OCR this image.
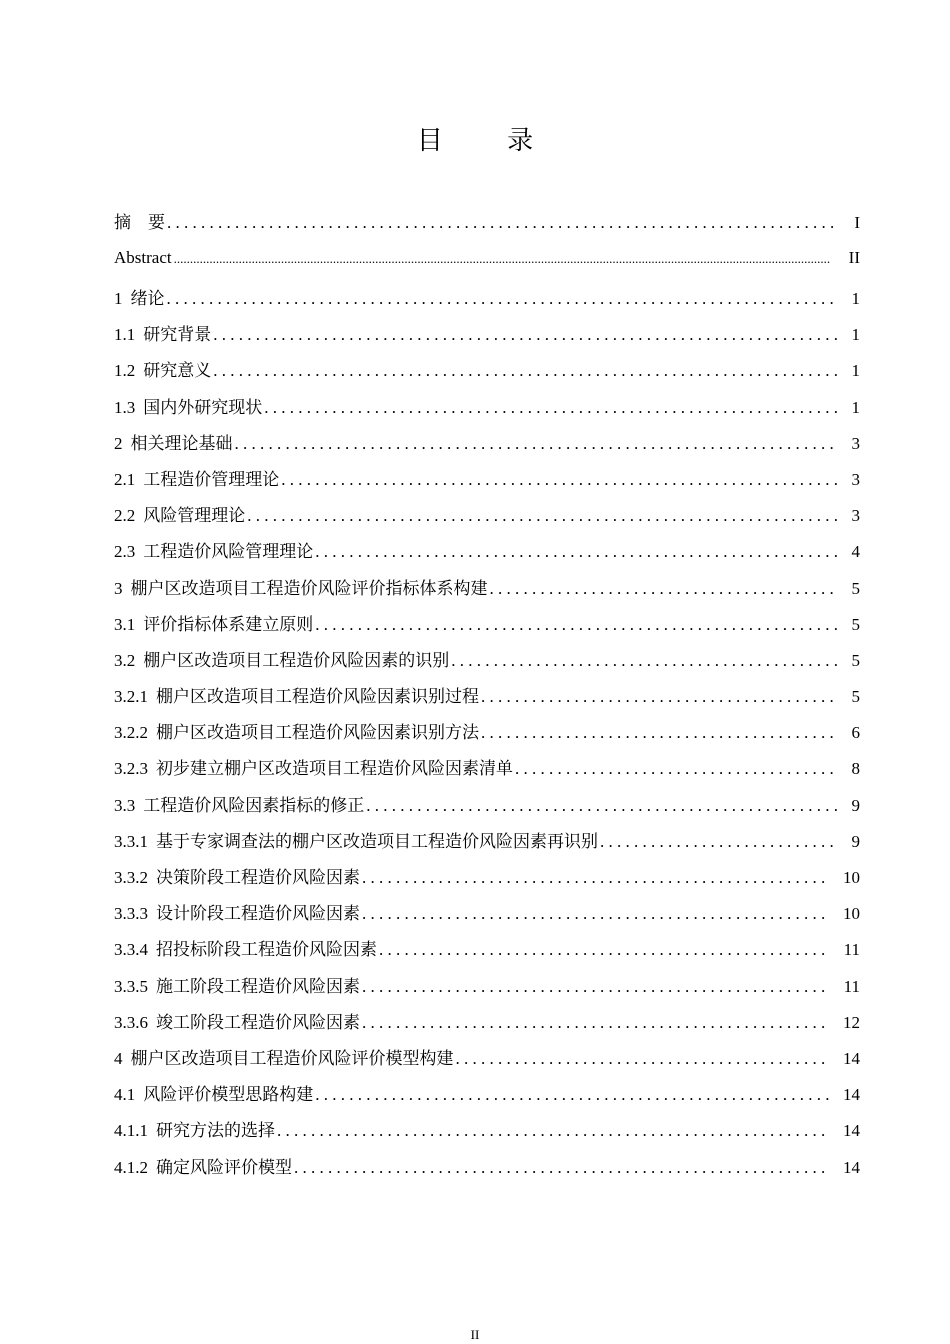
目 录
摘　要 . . .	I
Abstract .....	II
1 绪论 . . .	1
1.1 研究背景 . . .	1
1.2 研究意义 . . .	1
1.3 国内外研究现状 . . .	1
2 相关理论基础 . . .	3
2.1 工程造价管理理论 . . .	3
2.2 风险管理理论 . . .	3
2.3 工程造价风险管理理论 . . .	4
3 棚户区改造项目工程造价风险评价指标体系构建 . . .	5
3.1 评价指标体系建立原则 . . .	5
3.2 棚户区改造项目工程造价风险因素的识别 . . .	5
3.2.1 棚户区改造项目工程造价风险因素识别过程 . . .	5
3.2.2 棚户区改造项目工程造价风险因素识别方法 . . .	6
3.2.3 初步建立棚户区改造项目工程造价风险因素清单 . . .	8
3.3 工程造价风险因素指标的修正 . . .	9
3.3.1 基于专家调查法的棚户区改造项目工程造价风险因素再识别 . . .	9
3.3.2 决策阶段工程造价风险因素 . . .	10
3.3.3 设计阶段工程造价风险因素 . . .	10
3.3.4 招投标阶段工程造价风险因素 . . .	11
3.3.5 施工阶段工程造价风险因素 . . .	11
3.3.6 竣工阶段工程造价风险因素 . . .	12
4 棚户区改造项目工程造价风险评价模型构建 . . .	14
4.1 风险评价模型思路构建 . . .	14
4.1.1 研究方法的选择 . . .	14
4.1.2 确定风险评价模型 . . .	14
II
